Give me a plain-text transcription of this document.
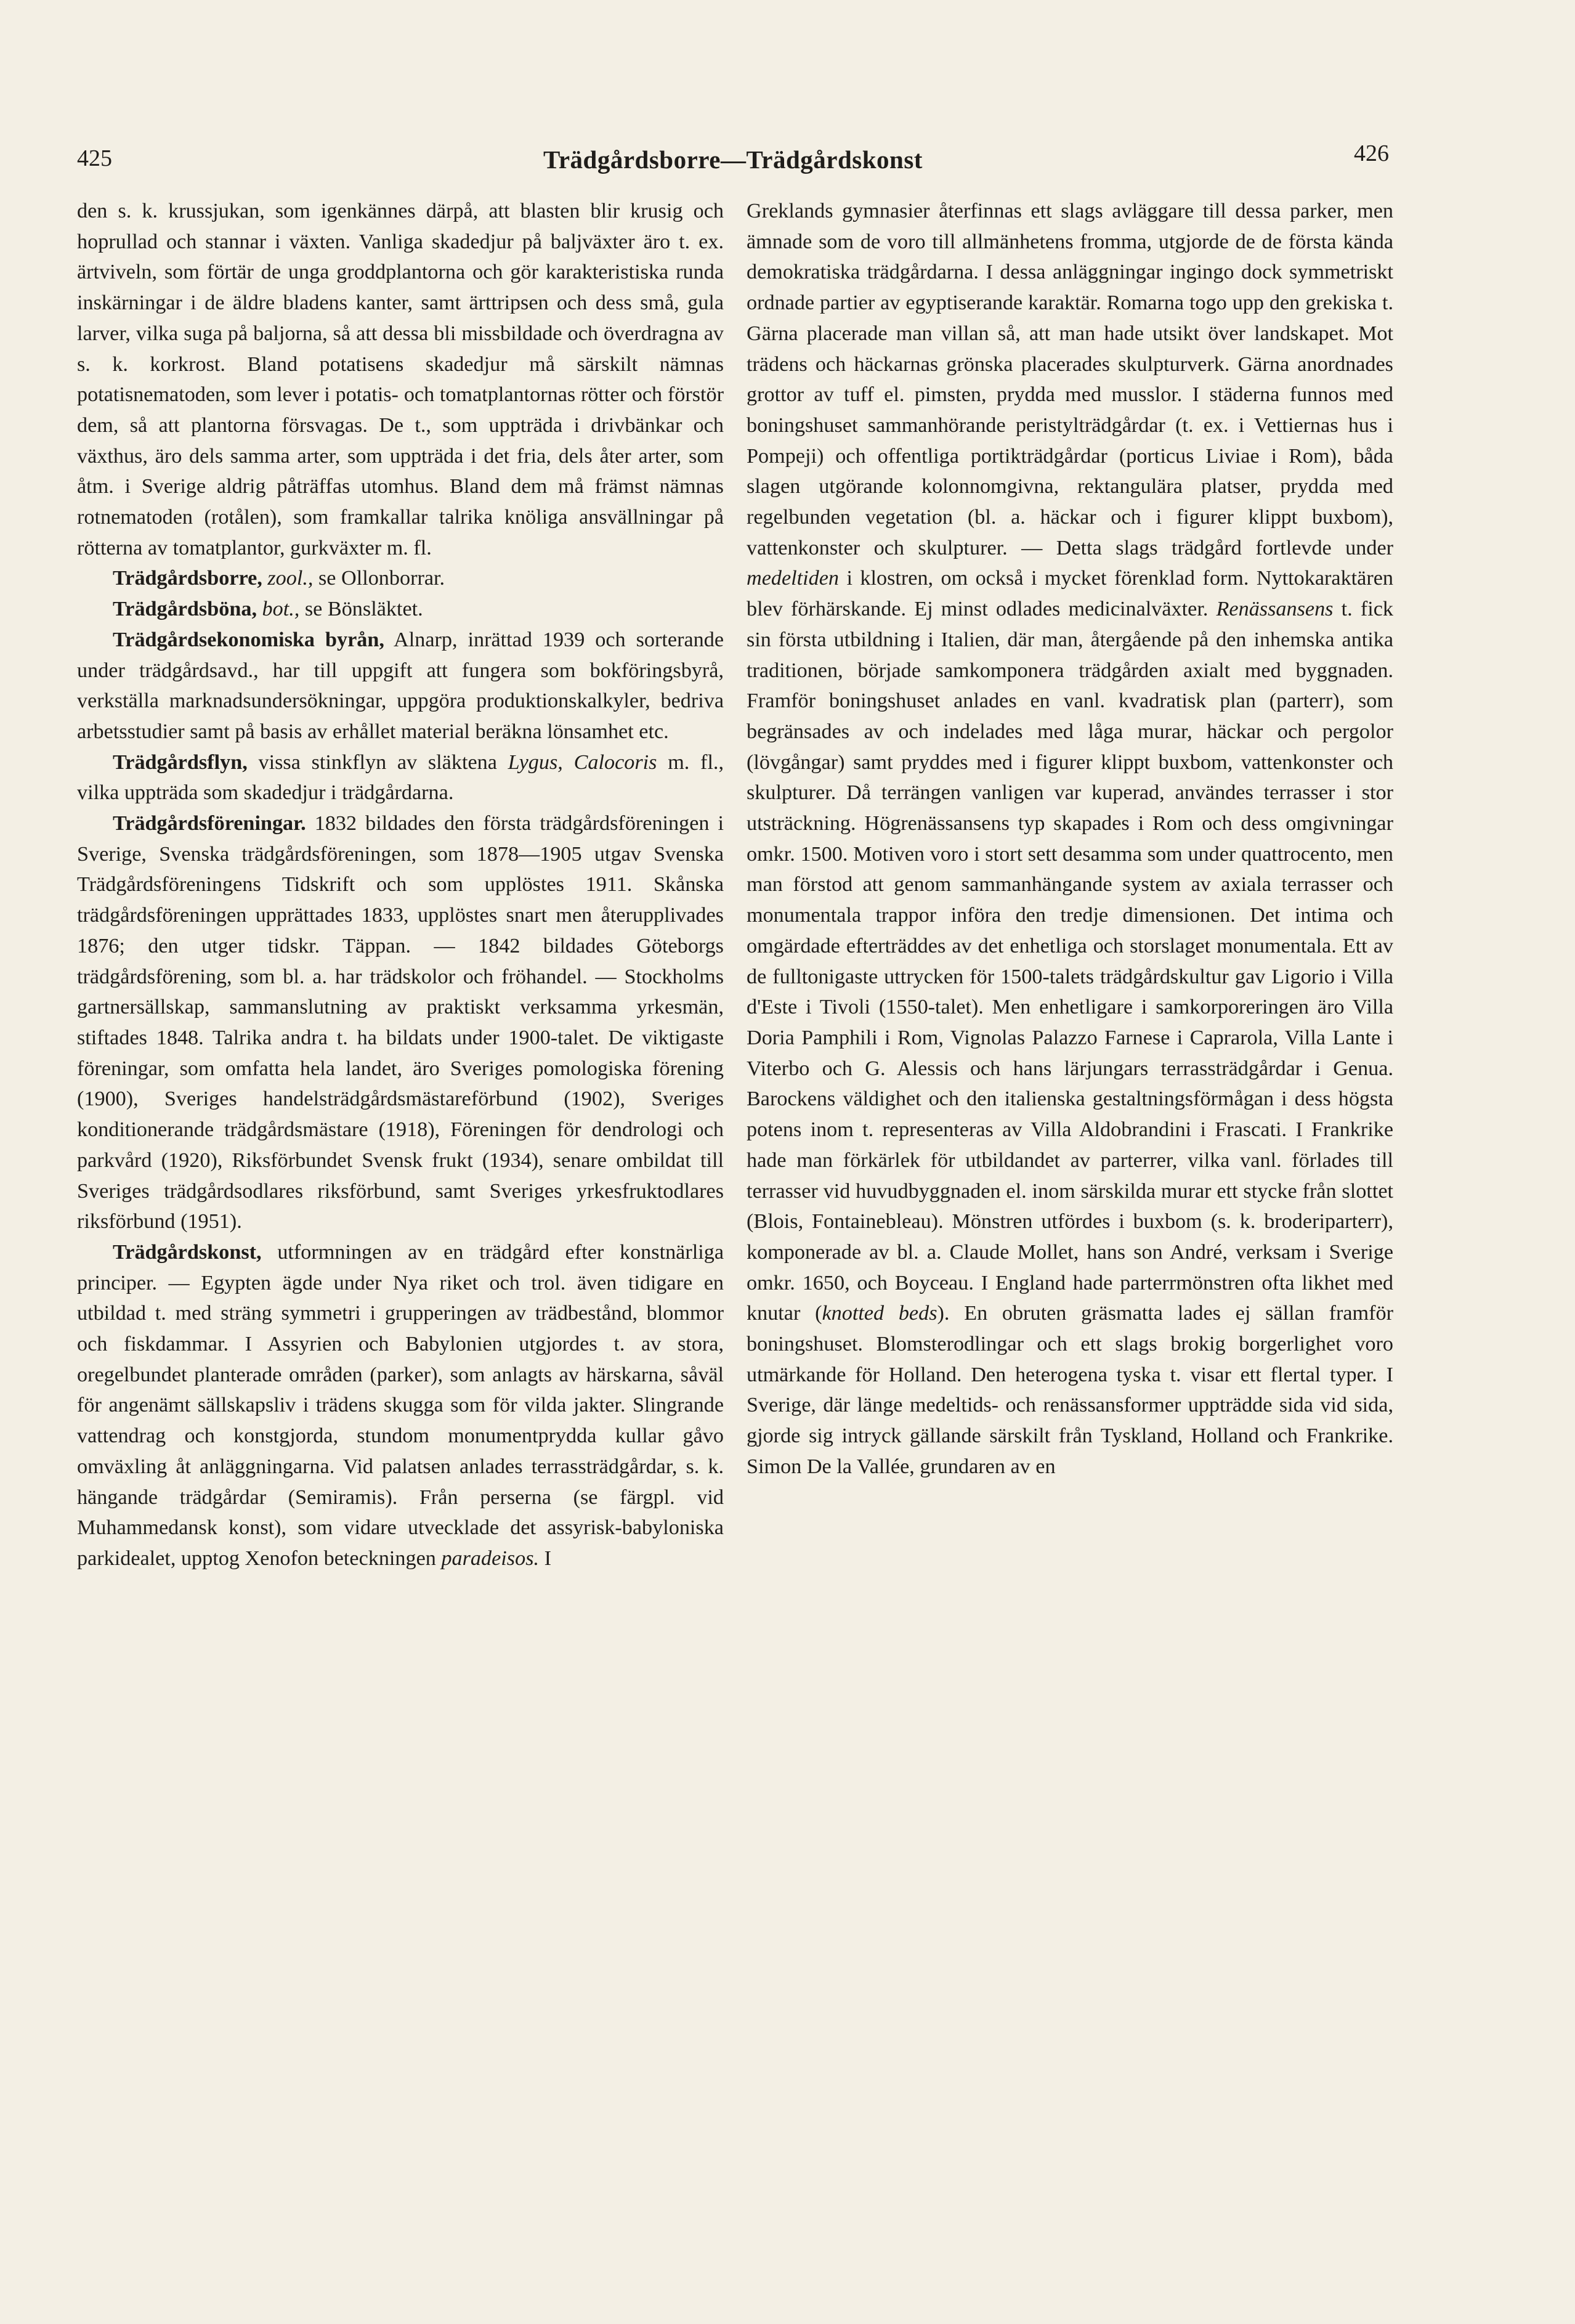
425	Trädgårdsborre—Trädgårdskonst	426

den s. k. krussjukan, som igenkännes därpå, att blasten blir krusig och hoprullad och stannar i växten. Vanliga skadedjur på baljväxter äro t. ex. ärtviveln, som förtär de unga groddplantorna och gör karakteristiska runda inskärningar i de äldre bladens kanter, samt ärttripsen och dess små, gula larver, vilka suga på baljorna, så att dessa bli missbildade och överdragna av s. k. korkrost. Bland potatisens skadedjur må särskilt nämnas potatisnematoden, som lever i potatis- och tomatplantornas rötter och förstör dem, så att plantorna försvagas. De t., som uppträda i drivbänkar och växthus, äro dels samma arter, som uppträda i det fria, dels åter arter, som åtm. i Sverige aldrig påträffas utomhus. Bland dem må främst nämnas rotnematoden (rotålen), som framkallar talrika knöliga ansvällningar på rötterna av tomatplantor, gurkväxter m. fl.

Trädgårdsborre, zool., se Ollonborrar.

Trädgårdsböna, bot., se Bönsläktet.

Trädgårdsekonomiska byrån, Alnarp, inrättad 1939 och sorterande under trädgårdsavd., har till uppgift att fungera som bokföringsbyrå, verkställa marknadsundersökningar, uppgöra produktionskalkyler, bedriva arbetsstudier samt på basis av erhållet material beräkna lönsamhet etc.

Trädgårdsflyn, vissa stinkflyn av släktena Lygus, Calocoris m. fl., vilka uppträda som skadedjur i trädgårdarna.

Trädgårdsföreningar. 1832 bildades den första trädgårdsföreningen i Sverige, Svenska trädgårdsföreningen, som 1878—1905 utgav Svenska Trädgårdsföreningens Tidskrift och som upplöstes 1911. Skånska trädgårdsföreningen upprättades 1833, upplöstes snart men återupplivades 1876; den utger tidskr. Täppan. — 1842 bildades Göteborgs trädgårdsförening, som bl. a. har trädskolor och fröhandel. — Stockholms gartnersällskap, sammanslutning av praktiskt verksamma yrkesmän, stiftades 1848. Talrika andra t. ha bildats under 1900-talet. De viktigaste föreningar, som omfatta hela landet, äro Sveriges pomologiska förening (1900), Sveriges handelsträdgårdsmästareförbund (1902), Sveriges konditionerande trädgårdsmästare (1918), Föreningen för dendrologi och parkvård (1920), Riksförbundet Svensk frukt (1934), senare ombildat till Sveriges trädgårdsodlares riksförbund, samt Sveriges yrkesfruktodlares riksförbund (1951).

Trädgårdskonst, utformningen av en trädgård efter konstnärliga principer. — Egypten ägde under Nya riket och trol. även tidigare en utbildad t. med sträng symmetri i grupperingen av trädbestånd, blommor och fiskdammar. I Assyrien och Babylonien utgjordes t. av stora, oregelbundet planterade områden (parker), som anlagts av härskarna, såväl för angenämt sällskapsliv i trädens skugga som för vilda jakter. Slingrande vattendrag och konstgjorda, stundom monumentprydda kullar gåvo omväxling åt anläggningarna. Vid palatsen anlades terrassträdgårdar, s. k. hängande trädgårdar (Semiramis). Från perserna (se färgpl. vid Muhammedansk konst), som vidare utvecklade det assyrisk-babyloniska parkidealet, upptog Xenofon beteckningen paradeisos. I

Greklands gymnasier återfinnas ett slags avläggare till dessa parker, men ämnade som de voro till allmänhetens fromma, utgjorde de de första kända demokratiska trädgårdarna. I dessa anläggningar ingingo dock symmetriskt ordnade partier av egyptiserande karaktär. Romarna togo upp den grekiska t. Gärna placerade man villan så, att man hade utsikt över landskapet. Mot trädens och häckarnas grönska placerades skulpturverk. Gärna anordnades grottor av tuff el. pimsten, prydda med musslor. I städerna funnos med boningshuset sammanhörande peristylträdgårdar (t. ex. i Vettiernas hus i Pompeji) och offentliga portikträdgårdar (porticus Liviae i Rom), båda slagen utgörande kolonnomgivna, rektangulära platser, prydda med regelbunden vegetation (bl. a. häckar och i figurer klippt buxbom), vattenkonster och skulpturer. — Detta slags trädgård fortlevde under medeltiden i klostren, om också i mycket förenklad form. Nyttokaraktären blev förhärskande. Ej minst odlades medicinalväxter. Renässansens t. fick sin första utbildning i Italien, där man, återgående på den inhemska antika traditionen, började samkomponera trädgården axialt med byggnaden. Framför boningshuset anlades en vanl. kvadratisk plan (parterr), som begränsades av och indelades med låga murar, häckar och pergolor (lövgångar) samt pryddes med i figurer klippt buxbom, vattenkonster och skulpturer. Då terrängen vanligen var kuperad, användes terrasser i stor utsträckning. Högrenässansens typ skapades i Rom och dess omgivningar omkr. 1500. Motiven voro i stort sett desamma som under quattrocento, men man förstod att genom sammanhängande system av axiala terrasser och monumentala trappor införa den tredje dimensionen. Det intima och omgärdade efterträddes av det enhetliga och storslaget monumentala. Ett av de fulltonigaste uttrycken för 1500-talets trädgårdskultur gav Ligorio i Villa d'Este i Tivoli (1550-talet). Men enhetligare i samkorporeringen äro Villa Doria Pamphili i Rom, Vignolas Palazzo Farnese i Caprarola, Villa Lante i Viterbo och G. Alessis och hans lärjungars terrassträdgårdar i Genua. Barockens väldighet och den italienska gestaltningsförmågan i dess högsta potens inom t. representeras av Villa Aldobrandini i Frascati. I Frankrike hade man förkärlek för utbildandet av parterrer, vilka vanl. förlades till terrasser vid huvudbyggnaden el. inom särskilda murar ett stycke från slottet (Blois, Fontainebleau). Mönstren utfördes i buxbom (s. k. broderiparterr), komponerade av bl. a. Claude Mollet, hans son André, verksam i Sverige omkr. 1650, och Boyceau. I England hade parterrmönstren ofta likhet med knutar (knotted beds). En obruten gräsmatta lades ej sällan framför boningshuset. Blomsterodlingar och ett slags brokig borgerlighet voro utmärkande för Holland. Den heterogena tyska t. visar ett flertal typer. I Sverige, där länge medeltids- och renässansformer uppträdde sida vid sida, gjorde sig intryck gällande särskilt från Tyskland, Holland och Frankrike. Simon De la Vallée, grundaren av en
